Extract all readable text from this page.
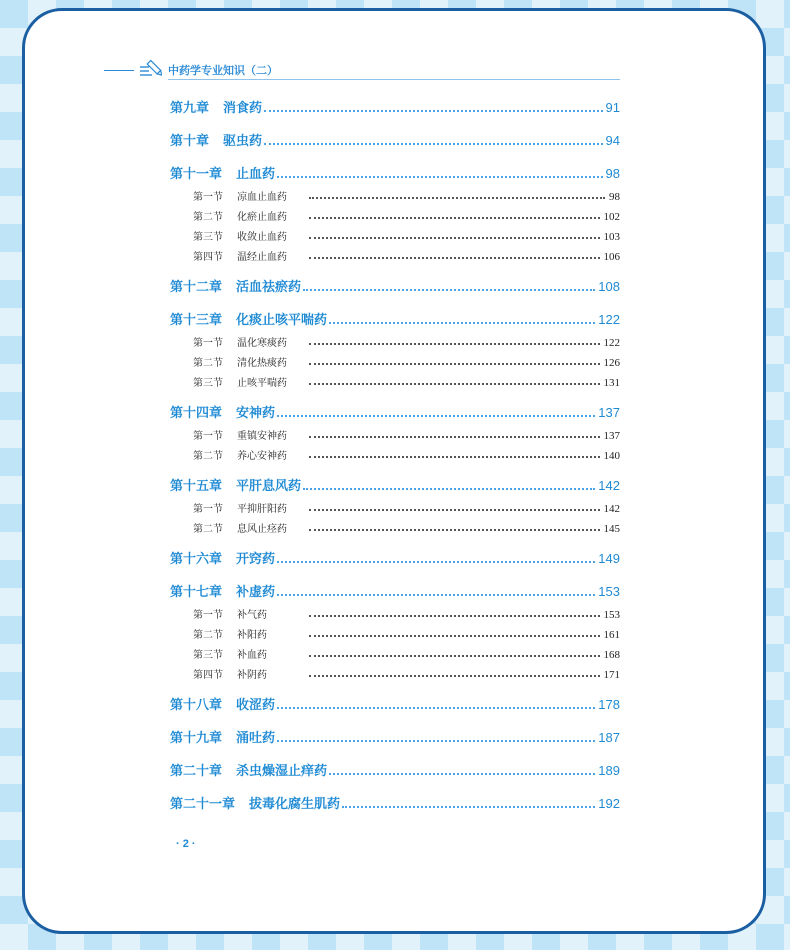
中药学专业知识（二）
第九章 消食药	91
第十章 驱虫药	94
第十一章 止血药	98
第一节	凉血止血药	98
第二节	化瘀止血药	102
第三节	收敛止血药	103
第四节	温经止血药	106
第十二章 活血祛瘀药	108
第十三章 化痰止咳平喘药	122
第一节	温化寒痰药	122
第二节	清化热痰药	126
第三节	止咳平喘药	131
第十四章 安神药	137
第一节	重镇安神药	137
第二节	养心安神药	140
第十五章 平肝息风药	142
第一节	平抑肝阳药	142
第二节	息风止痉药	145
第十六章 开窍药	149
第十七章 补虚药	153
第一节	补气药	153
第二节	补阳药	161
第三节	补血药	168
第四节	补阴药	171
第十八章 收涩药	178
第十九章 涌吐药	187
第二十章 杀虫燥湿止痒药	189
第二十一章 拔毒化腐生肌药	192
· 2 ·
